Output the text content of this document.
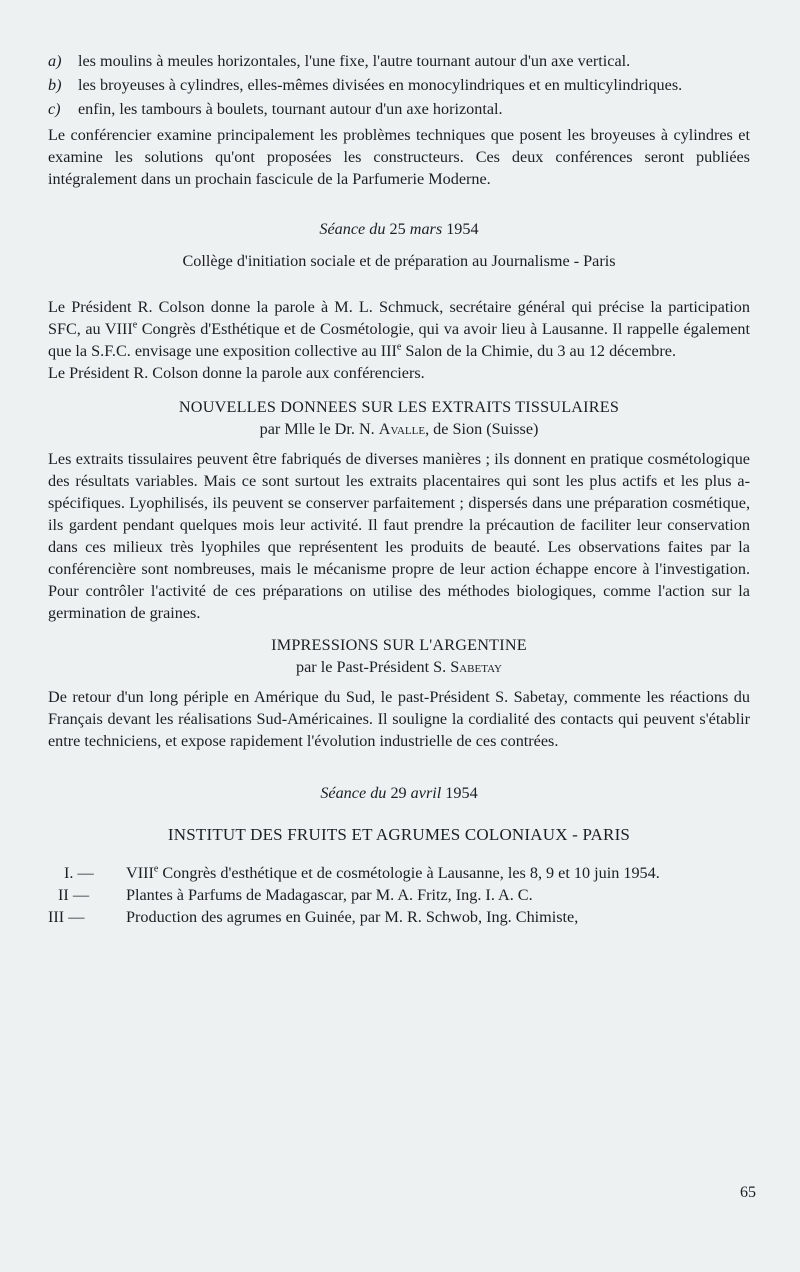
a)	les moulins à meules horizontales, l'une fixe, l'autre tournant autour d'un axe vertical.
b)	les broyeuses à cylindres, elles-mêmes divisées en monocylindriques et en multicylindriques.
c)	enfin, les tambours à boulets, tournant autour d'un axe horizontal.

Le conférencier examine principalement les problèmes techniques que posent les broyeuses à cylindres et examine les solutions qu'ont proposées les constructeurs. Ces deux conférences seront publiées intégralement dans un prochain fascicule de la Parfumerie Moderne.

Séance du 25 mars 1954
Collège d'initiation sociale et de préparation au Journalisme - Paris

Le Président R. Colson donne la parole à M. L. Schmuck, secrétaire général qui précise la participation SFC, au VIIIe Congrès d'Esthétique et de Cosmétologie, qui va avoir lieu à Lausanne. Il rappelle également que la S.F.C. envisage une exposition collective au IIIe Salon de la Chimie, du 3 au 12 décembre.

Le Président R. Colson donne la parole aux conférenciers.

NOUVELLES DONNEES SUR LES EXTRAITS TISSULAIRES
par Mlle le Dr. N. Avalle, de Sion (Suisse)

Les extraits tissulaires peuvent être fabriqués de diverses manières ; ils donnent en pratique cosmétologique des résultats variables. Mais ce sont surtout les extraits placentaires qui sont les plus actifs et les plus a-spécifiques. Lyophilisés, ils peuvent se conserver parfaitement ; dispersés dans une préparation cosmétique, ils gardent pendant quelques mois leur activité. Il faut prendre la précaution de faciliter leur conservation dans ces milieux très lyophiles que représentent les produits de beauté. Les observations faites par la conférencière sont nombreuses, mais le mécanisme propre de leur action échappe encore à l'investigation. Pour contrôler l'activité de ces préparations on utilise des méthodes biologiques, comme l'action sur la germination de graines.

IMPRESSIONS SUR L'ARGENTINE
par le Past-Président S. Sabetay

De retour d'un long périple en Amérique du Sud, le past-Président S. Sabetay, commente les réactions du Français devant les réalisations Sud-Américaines. Il souligne la cordialité des contacts qui peuvent s'établir entre techniciens, et expose rapidement l'évolution industrielle de ces contrées.

Séance du 29 avril 1954
INSTITUT DES FRUITS ET AGRUMES COLONIAUX - PARIS
I. —	VIIIe Congrès d'esthétique et de cosmétologie à Lausanne, les 8, 9 et 10 juin 1954.
II —	Plantes à Parfums de Madagascar, par M. A. Fritz, Ing. I. A. C.
III —	Production des agrumes en Guinée, par M. R. Schwob, Ing. Chimiste,
65
